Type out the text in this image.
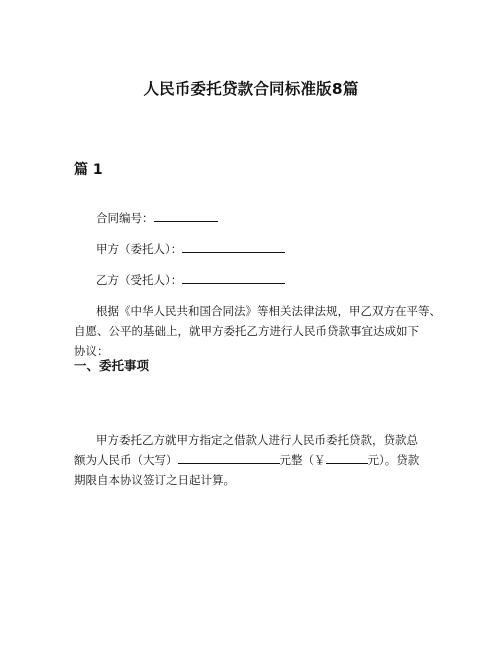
人民币委托贷款合同标准版8篇
篇 1
合同编号：
甲方（委托人）：
乙方（受托人）：
根据《中华人民共和国合同法》等相关法律法规，甲乙双方在平等、
自愿、公平的基础上，就甲方委托乙方进行人民币贷款事宜达成如下
协议：
一、委托事项
甲方委托乙方就甲方指定之借款人进行人民币委托贷款，贷款总
额为人民币（大写）	元整（￥	元）。贷款
期限自本协议签订之日起计算。
